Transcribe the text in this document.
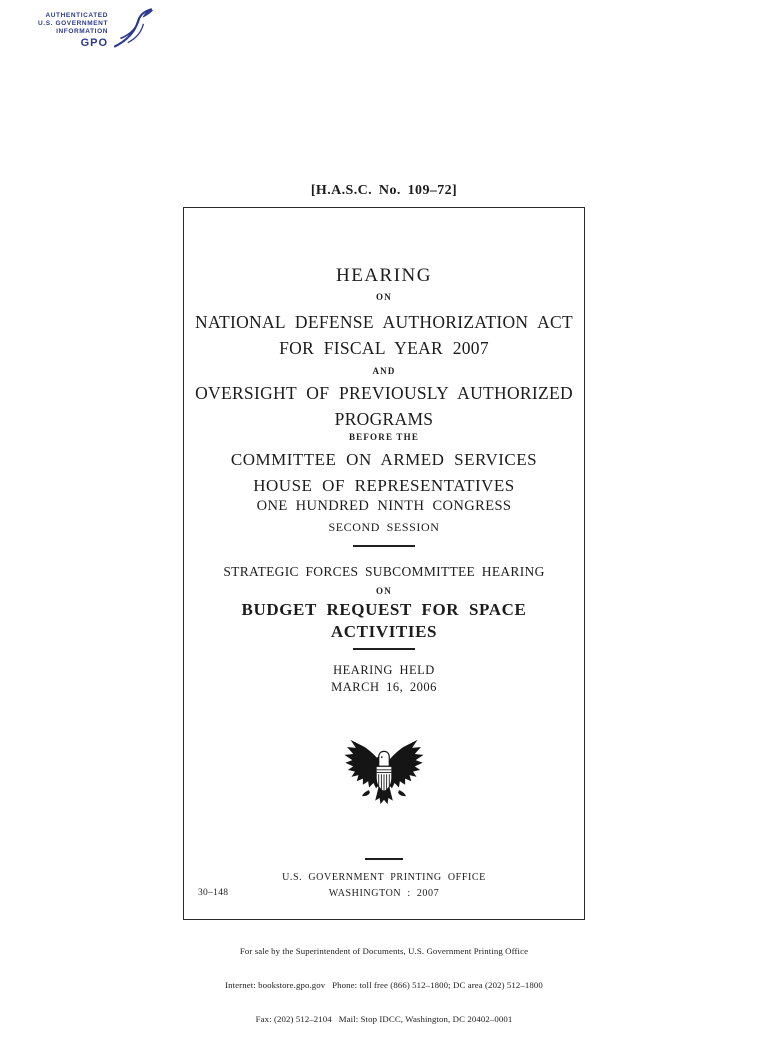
AUTHENTICATED
U.S. GOVERNMENT
INFORMATION
GPO
[H.A.S.C. No. 109–72]
HEARING
ON
NATIONAL DEFENSE AUTHORIZATION ACT
FOR FISCAL YEAR 2007
AND
OVERSIGHT OF PREVIOUSLY AUTHORIZED
PROGRAMS
BEFORE THE
COMMITTEE ON ARMED SERVICES
HOUSE OF REPRESENTATIVES
ONE HUNDRED NINTH CONGRESS
SECOND SESSION
STRATEGIC FORCES SUBCOMMITTEE HEARING
ON
BUDGET REQUEST FOR SPACE
ACTIVITIES
HEARING HELD
MARCH 16, 2006
U.S. GOVERNMENT PRINTING OFFICE
WASHINGTON : 2007
30–148

For sale by the Superintendent of Documents, U.S. Government Printing Office

Internet: bookstore.gpo.gov   Phone: toll free (866) 512–1800; DC area (202) 512–1800

Fax: (202) 512–2104   Mail: Stop IDCC, Washington, DC 20402–0001
